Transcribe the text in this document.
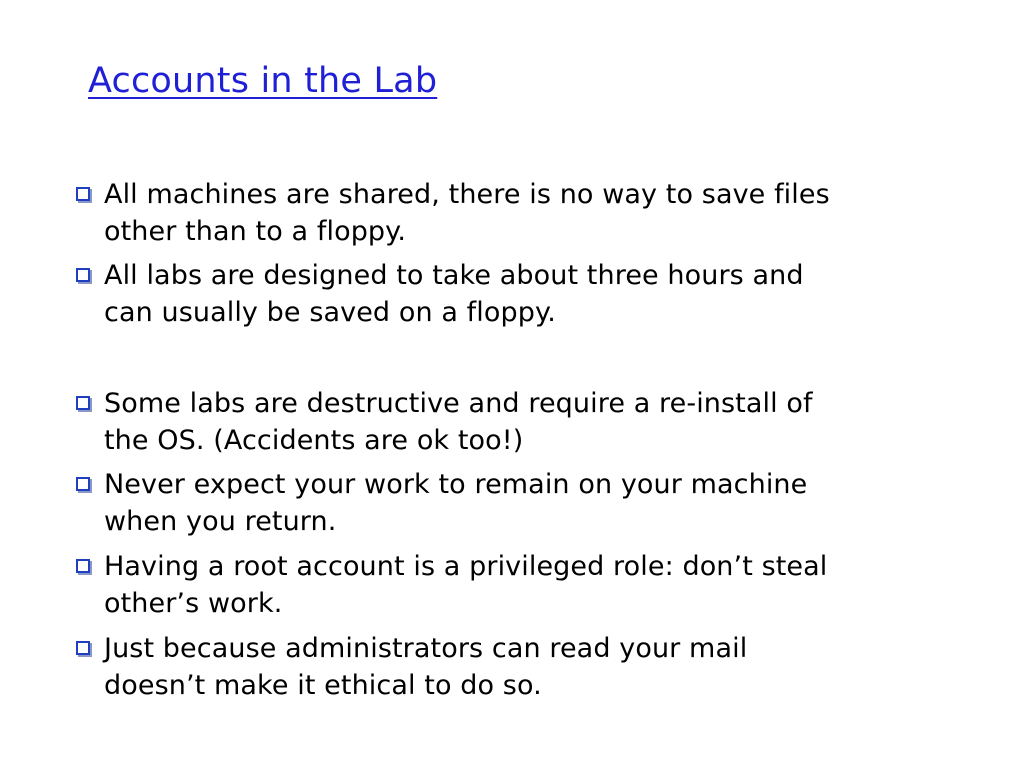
Accounts in the Lab
All machines are shared, there is no way to save files
other than to a floppy.
All labs are designed to take about three hours and
can usually be saved on a floppy.
Some labs are destructive and require a re-install of
the OS. (Accidents are ok too!)
Never expect your work to remain on your machine
when you return.
Having a root account is a privileged role: don’t steal
other’s work.
Just because administrators can read your mail
doesn’t make it ethical to do so.
